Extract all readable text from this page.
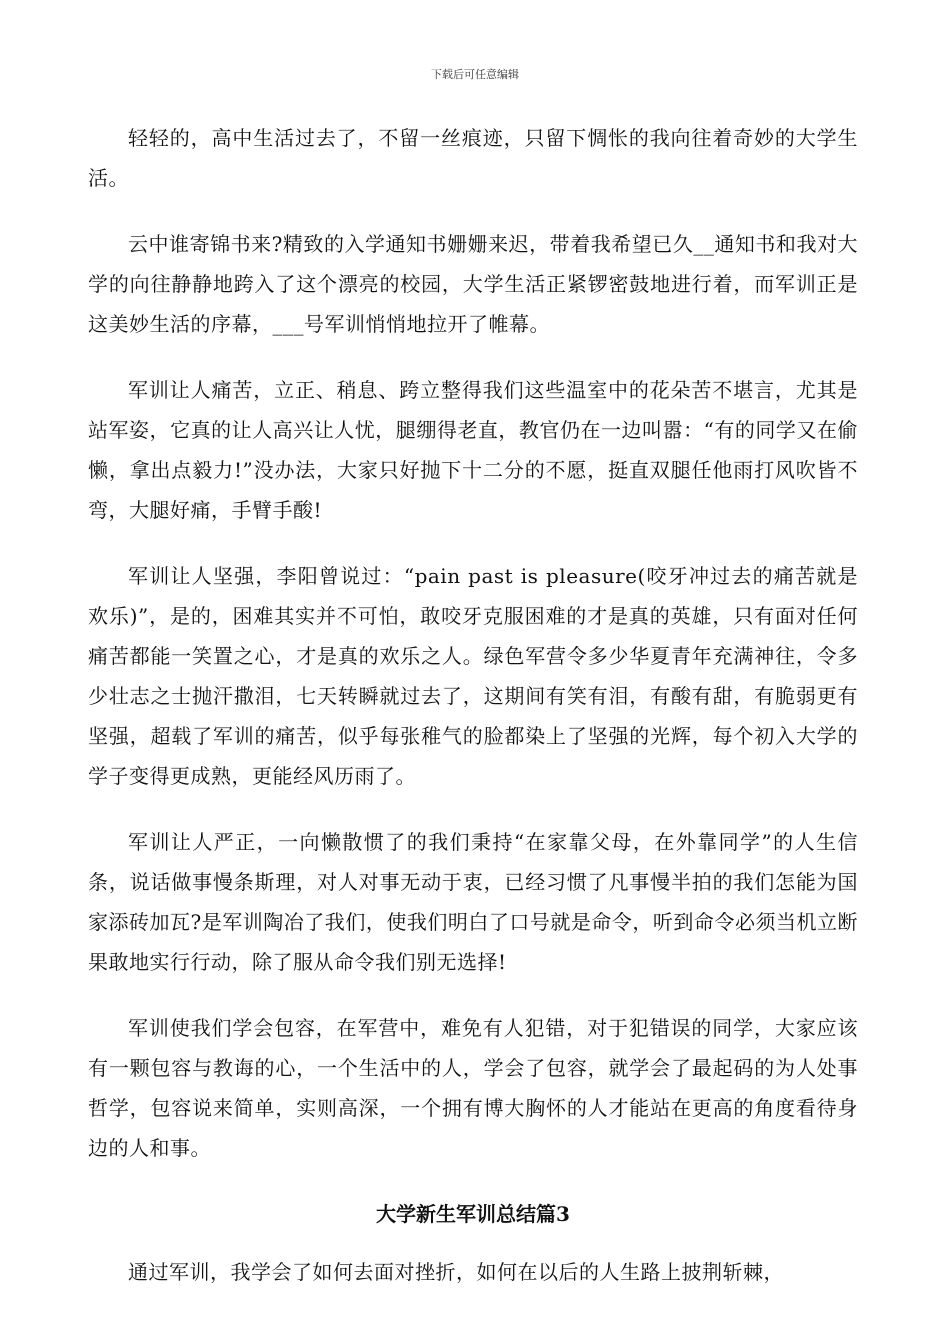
下载后可任意编辑

轻轻的，高中生活过去了，不留一丝痕迹，只留下惆怅的我向往着奇妙的大学生活。

云中谁寄锦书来?精致的入学通知书姗姗来迟，带着我希望已久__通知书和我对大学的向往静静地跨入了这个漂亮的校园，大学生活正紧锣密鼓地进行着，而军训正是这美妙生活的序幕，___号军训悄悄地拉开了帷幕。

军训让人痛苦，立正、稍息、跨立整得我们这些温室中的花朵苦不堪言，尤其是站军姿，它真的让人高兴让人忧，腿绷得老直，教官仍在一边叫嚣：“有的同学又在偷懒，拿出点毅力!”没办法，大家只好抛下十二分的不愿，挺直双腿任他雨打风吹皆不弯，大腿好痛，手臂手酸!

军训让人坚强，李阳曾说过：“pain past is pleasure(咬牙冲过去的痛苦就是欢乐)”，是的，困难其实并不可怕，敢咬牙克服困难的才是真的英雄，只有面对任何痛苦都能一笑置之心，才是真的欢乐之人。绿色军营令多少华夏青年充满神往，令多少壮志之士抛汗撒泪，七天转瞬就过去了，这期间有笑有泪，有酸有甜，有脆弱更有坚强，超载了军训的痛苦，似乎每张稚气的脸都染上了坚强的光辉，每个初入大学的学子变得更成熟，更能经风历雨了。

军训让人严正，一向懒散惯了的我们秉持“在家靠父母，在外靠同学”的人生信条，说话做事慢条斯理，对人对事无动于衷，已经习惯了凡事慢半拍的我们怎能为国家添砖加瓦?是军训陶冶了我们，使我们明白了口号就是命令，听到命令必须当机立断果敢地实行行动，除了服从命令我们别无选择!

军训使我们学会包容，在军营中，难免有人犯错，对于犯错误的同学，大家应该有一颗包容与教诲的心，一个生活中的人，学会了包容，就学会了最起码的为人处事哲学，包容说来简单，实则高深，一个拥有博大胸怀的人才能站在更高的角度看待身边的人和事。

大学新生军训总结篇3

通过军训，我学会了如何去面对挫折，如何在以后的人生路上披荆斩棘，
